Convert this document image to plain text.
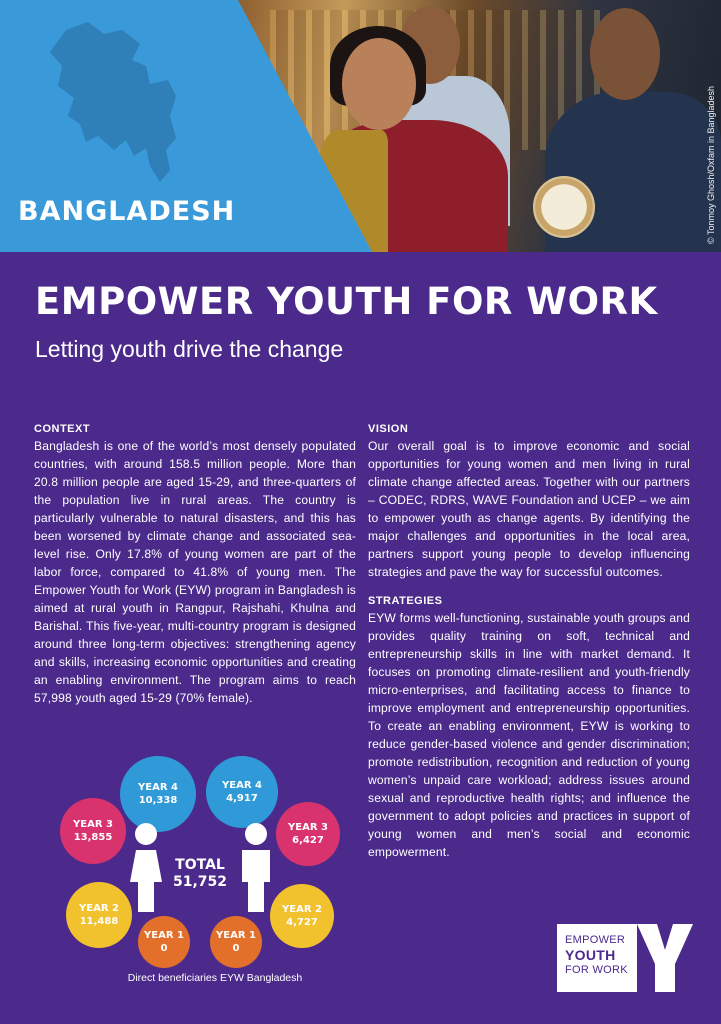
BANGLADESH	© Tonmoy Ghosh/Oxfam in Bangladesh
EMPOWER YOUTH FOR WORK
Letting youth drive the change
CONTEXT
Bangladesh is one of the world’s most densely populated countries, with around 158.5 million people. More than 20.8 million people are aged 15-29, and three-quarters of the population live in rural areas. The country is particularly vulnerable to natural disasters, and this has been worsened by climate change and associated sea-level rise. Only 17.8% of young women are part of the labor force, compared to 41.8% of young men. The Empower Youth for Work (EYW) program in Bangladesh is aimed at rural youth in Rangpur, Rajshahi, Khulna and Barishal. This five-year, multi-country program is designed around three long-term objectives: strengthening agency and skills, increasing economic opportunities and creating an enabling environment. The program aims to reach 57,998 youth aged 15-29 (70% female).
VISION
Our overall goal is to improve economic and social opportunities for young women and men living in rural climate change affected areas. Together with our partners – CODEC, RDRS, WAVE Foundation and UCEP – we aim to empower youth as change agents. By identifying the major challenges and opportunities in the local area, partners support young people to develop influencing strategies and pave the way for successful outcomes.
STRATEGIES
EYW forms well-functioning, sustainable youth groups and provides quality training on soft, technical and entrepreneurship skills in line with market demand. It focuses on promoting climate-resilient and youth-friendly micro-enterprises, and facilitating access to finance to improve employment and entrepreneurship opportunities. To create an enabling environment, EYW is working to reduce gender-based violence and gender discrimination; promote redistribution, recognition and reduction of young women’s unpaid care workload; address issues around sexual and reproductive health rights; and influence the government to adopt policies and practices in support of young women and men’s social and economic empowerment.
YEAR 4
10,338
YEAR 3
13,855
YEAR 2
11,488
YEAR 1
0
TOTAL
51,752
YEAR 4
4,917
YEAR 3
6,427
YEAR 2
4,727
YEAR 1
0
Direct beneficiaries EYW Bangladesh
EMPOWER
YOUTH
FOR WORK
